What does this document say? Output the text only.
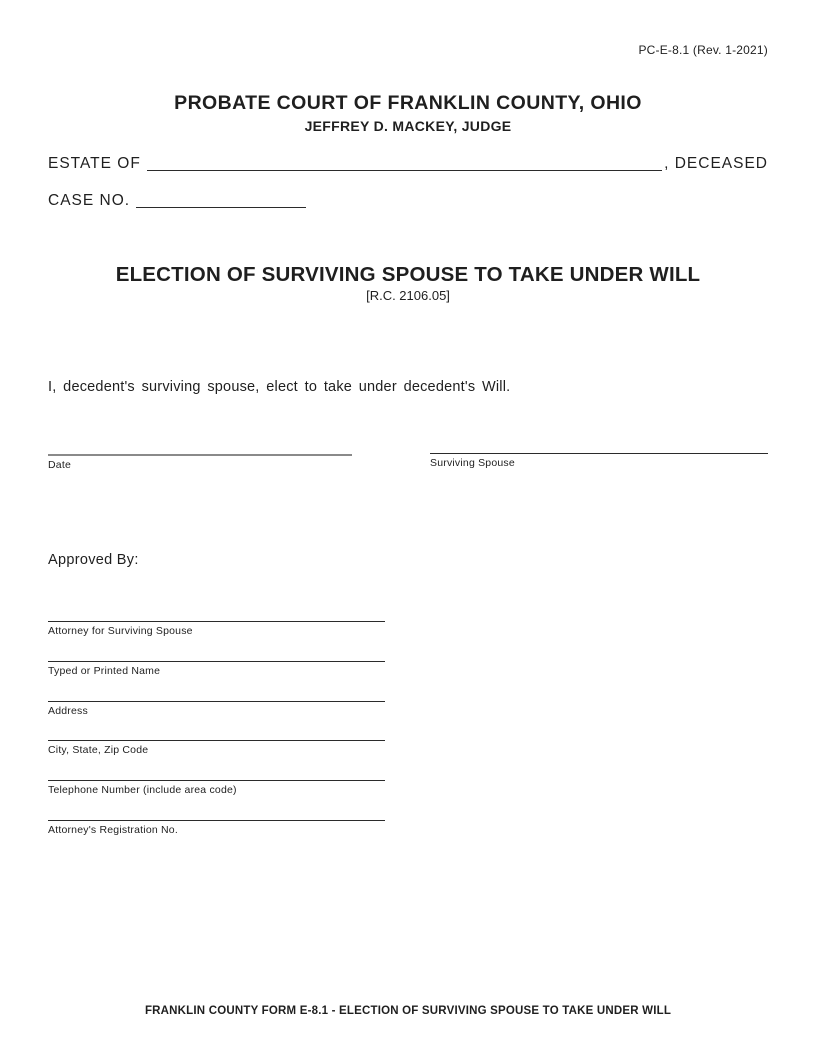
PC-E-8.1 (Rev. 1-2021)
PROBATE COURT OF FRANKLIN COUNTY, OHIO
JEFFREY D. MACKEY, JUDGE
ESTATE OF	, DECEASED
CASE NO.
ELECTION OF SURVIVING SPOUSE TO TAKE UNDER WILL
[R.C. 2106.05]
I, decedent's surviving spouse, elect to take under decedent's Will.
Date	Surviving Spouse
Approved By:
Attorney for Surviving Spouse
Typed or Printed Name
Address
City, State, Zip Code
Telephone Number (include area code)
Attorney's Registration No.
FRANKLIN COUNTY FORM E-8.1 - ELECTION OF SURVIVING SPOUSE TO TAKE UNDER WILL
